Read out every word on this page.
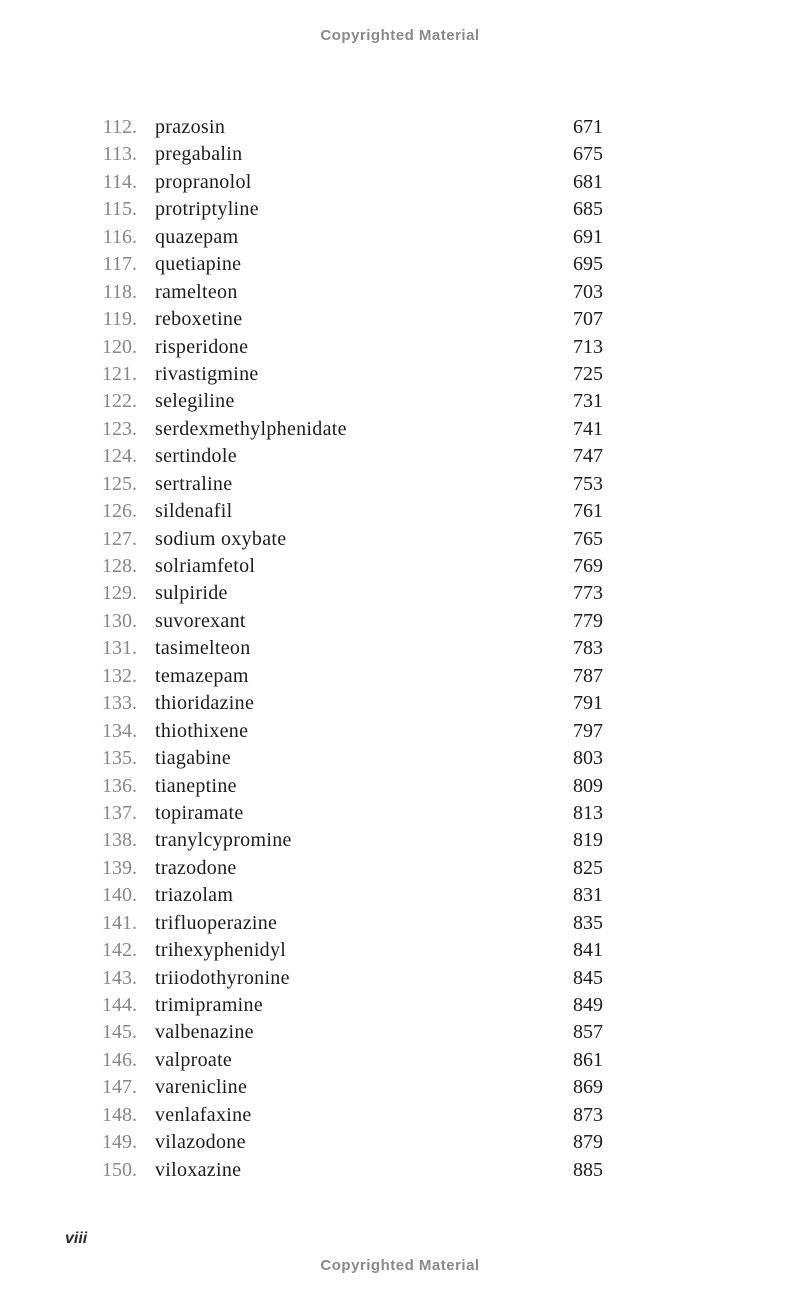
Copyrighted Material
112. prazosin	671
113. pregabalin	675
114. propranolol	681
115. protriptyline	685
116. quazepam	691
117. quetiapine	695
118. ramelteon	703
119. reboxetine	707
120. risperidone	713
121. rivastigmine	725
122. selegiline	731
123. serdexmethylphenidate	741
124. sertindole	747
125. sertraline	753
126. sildenafil	761
127. sodium oxybate	765
128. solriamfetol	769
129. sulpiride	773
130. suvorexant	779
131. tasimelteon	783
132. temazepam	787
133. thioridazine	791
134. thiothixene	797
135. tiagabine	803
136. tianeptine	809
137. topiramate	813
138. tranylcypromine	819
139. trazodone	825
140. triazolam	831
141. trifluoperazine	835
142. trihexyphenidyl	841
143. triiodothyronine	845
144. trimipramine	849
145. valbenazine	857
146. valproate	861
147. varenicline	869
148. venlafaxine	873
149. vilazodone	879
150. viloxazine	885
viii
Copyrighted Material
